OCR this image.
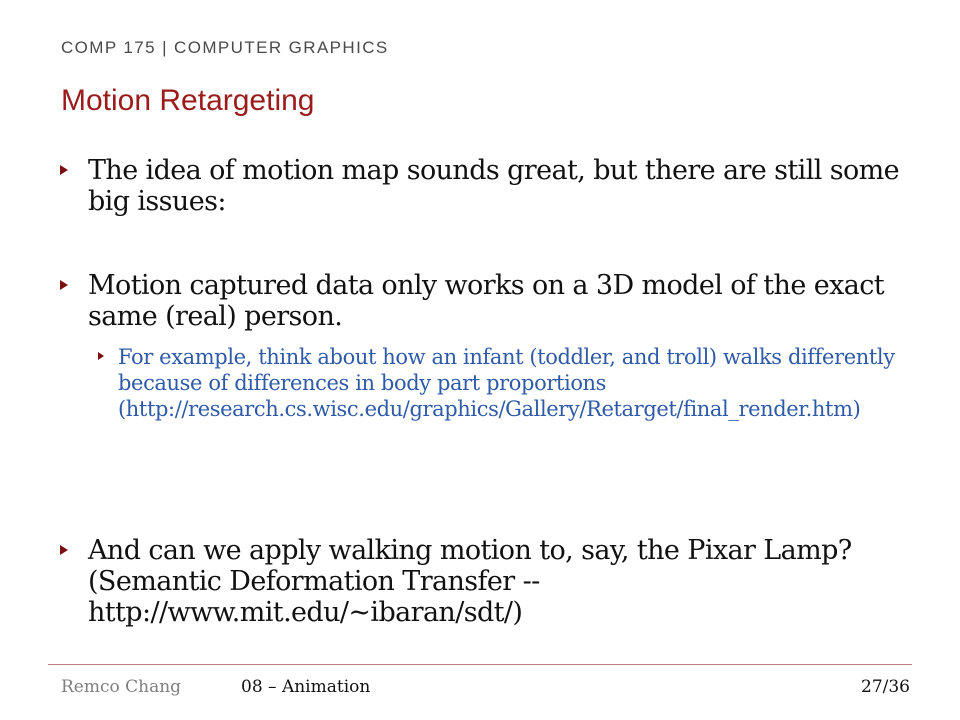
COMP 175 | COMPUTER GRAPHICS
Motion Retargeting
The idea of motion map sounds great, but there are still some big issues:
Motion captured data only works on a 3D model of the exact same (real) person.
For example, think about how an infant (toddler, and troll) walks differently because of differences in body part proportions (http://research.cs.wisc.edu/graphics/Gallery/Retarget/final_render.htm)
And can we apply walking motion to, say, the Pixar Lamp? (Semantic Deformation Transfer -- http://www.mit.edu/~ibaran/sdt/)
Remco Chang	08 – Animation	27/36
